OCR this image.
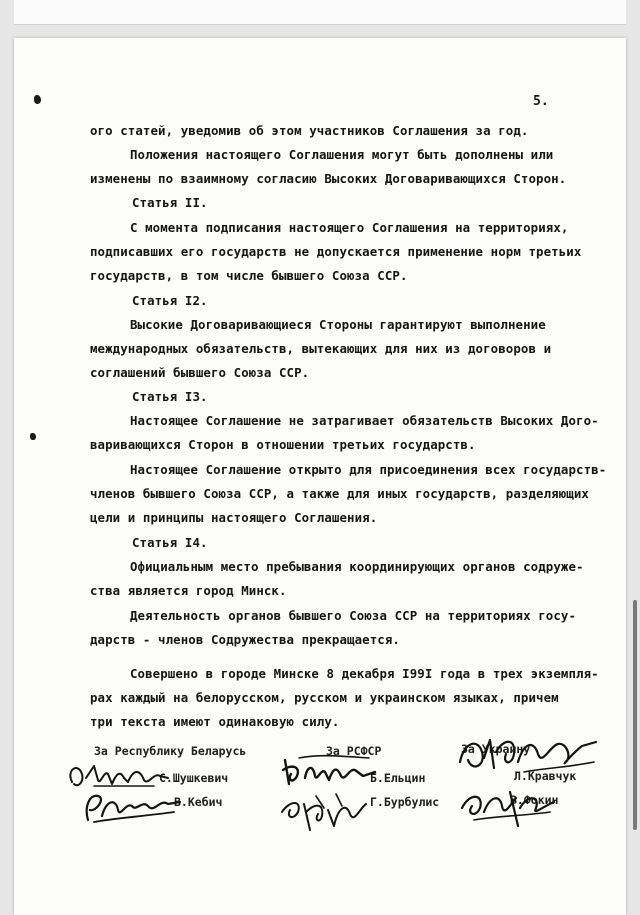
5.

ого статей, уведомив об этом участников Соглашения за год.

Положения настоящего Соглашения могут быть дополнены или

изменены по взаимному согласию Высоких Договаривающихся Сторон.

Статья II.

С момента подписания настоящего Соглашения на территориях,

подписавших его государств не допускается применение норм третьих

государств, в том числе бывшего Союза ССР.

Статья I2.

Высокие Договаривающиеся Стороны гарантируют выполнение

международных обязательств, вытекающих для них из договоров и

соглашений бывшего Союза ССР.

Статья I3.

Настоящее Соглашение не затрагивает обязательств Высоких Дого-

варивающихся Сторон в отношении третьих государств.

Настоящее Соглашение открыто для присоединения всех государств-

членов бывшего Союза ССР, а также для иных государств, разделяющих

цели и принципы настоящего Соглашения.

Статья I4.

Официальным место пребывания координирующих органов содруже-

ства является город Минск.

Деятельность органов бывшего Союза ССР на территориях госу-

дарств - членов Содружества прекращается.

Совершено в городе Минске 8 декабря I99I года в трех экземпля-

рах каждый на белорусском, русском и украинском языках, причем

три текста имеют одинаковую силу.

За Республику Беларусь

С.Шушкевич

В.Кебич

За РСФСР

Б.Ельцин

Г.Бурбулис

За Украину

Л.Кравчук

В.Фокин
